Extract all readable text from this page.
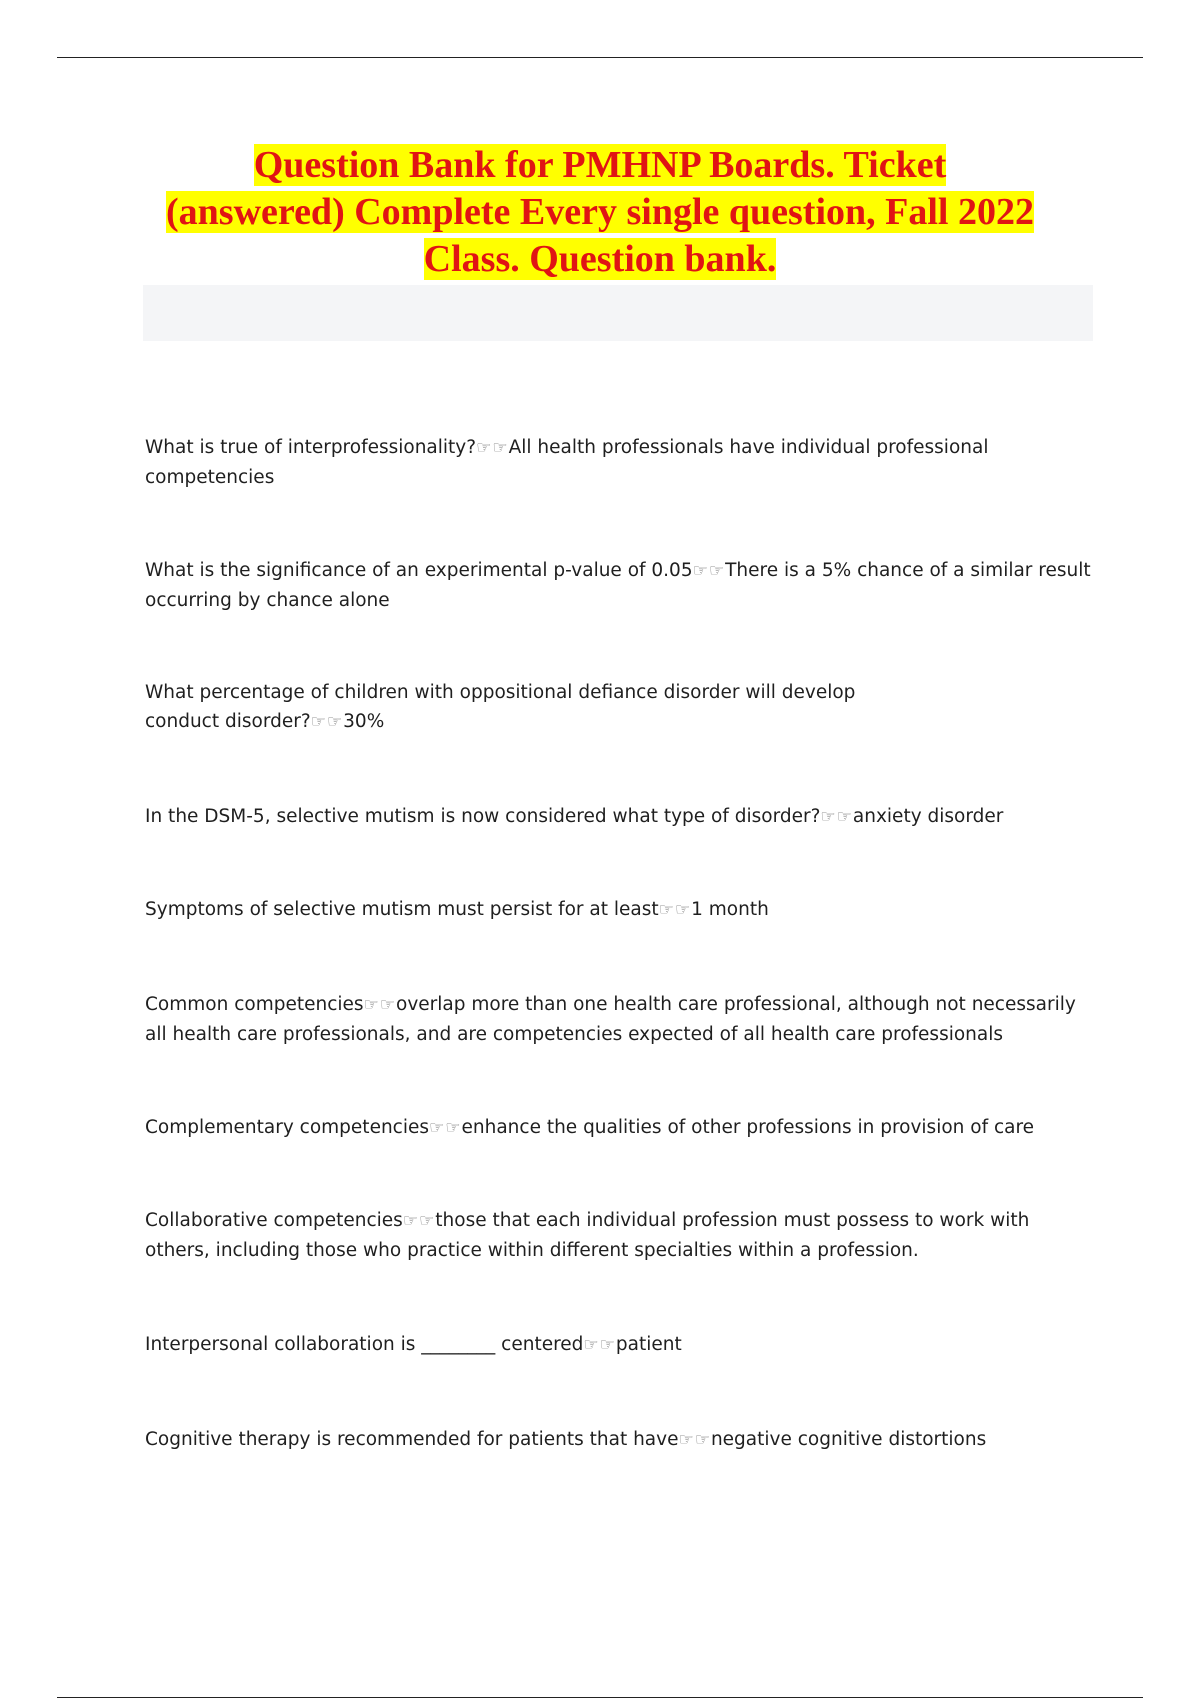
Question Bank for PMHNP Boards. Ticket
(answered) Complete Every single question, Fall 2022
Class. Question bank.

What is true of interprofessionality?☞☞All health professionals have individual professional competencies

What is the significance of an experimental p-value of 0.05☞☞There is a 5% chance of a similar result occurring by chance alone

What percentage of children with oppositional defiance disorder will develop conduct disorder?☞☞30%

In the DSM-5, selective mutism is now considered what type of disorder?☞☞anxiety disorder

Symptoms of selective mutism must persist for at least☞☞1 month

Common competencies☞☞overlap more than one health care professional, although not necessarily all health care professionals, and are competencies expected of all health care professionals

Complementary competencies☞☞enhance the qualities of other professions in provision of care

Collaborative competencies☞☞those that each individual profession must possess to work with others, including those who practice within different specialties within a profession.

Interpersonal collaboration is ________ centered☞☞patient

Cognitive therapy is recommended for patients that have☞☞negative cognitive distortions
